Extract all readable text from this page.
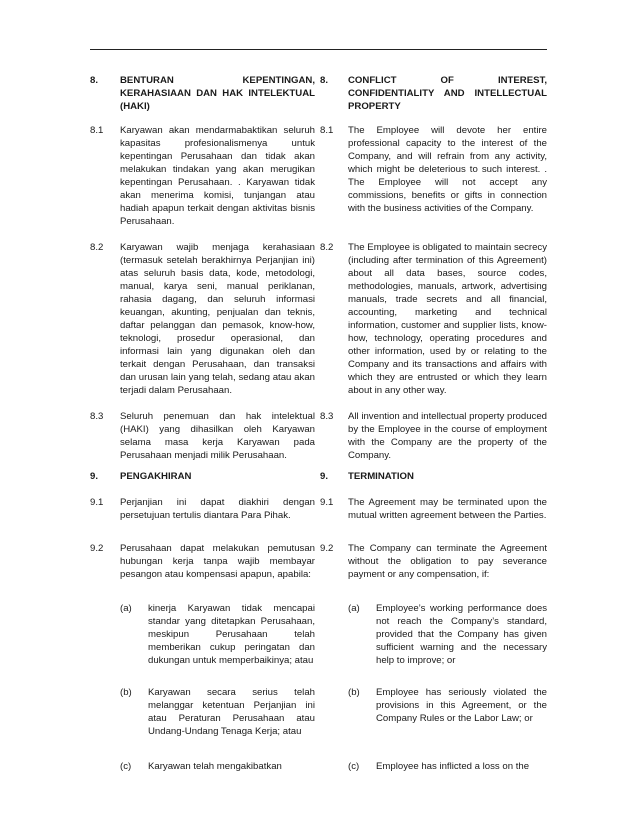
8. BENTURAN KEPENTINGAN, KERAHASIAAN DAN HAK INTELEKTUAL (HAKI)
8.1 Karyawan akan mendarmabaktikan seluruh kapasitas profesionalismenya untuk kepentingan Perusahaan dan tidak akan melakukan tindakan yang akan merugikan kepentingan Perusahaan. . Karyawan tidak akan menerima komisi, tunjangan atau hadiah apapun terkait dengan aktivitas bisnis Perusahaan.
8.2 Karyawan wajib menjaga kerahasiaan (termasuk setelah berakhirnya Perjanjian ini) atas seluruh basis data, kode, metodologi, manual, karya seni, manual periklanan, rahasia dagang, dan seluruh informasi keuangan, akunting, penjualan dan teknis, daftar pelanggan dan pemasok, know-how, teknologi, prosedur operasional, dan informasi lain yang digunakan oleh dan terkait dengan Perusahaan, dan transaksi dan urusan lain yang telah, sedang atau akan terjadi dalam Perusahaan.
8.3 Seluruh penemuan dan hak intelektual (HAKI) yang dihasilkan oleh Karyawan selama masa kerja Karyawan pada Perusahaan menjadi milik Perusahaan.
9. PENGAKHIRAN
9.1 Perjanjian ini dapat diakhiri dengan persetujuan tertulis diantara Para Pihak.
9.2 Perusahaan dapat melakukan pemutusan hubungan kerja tanpa wajib membayar pesangon atau kompensasi apapun, apabila:
(a) kinerja Karyawan tidak mencapai standar yang ditetapkan Perusahaan, meskipun Perusahaan telah memberikan cukup peringatan dan dukungan untuk memperbaikinya; atau
(b) Karyawan secara serius telah melanggar ketentuan Perjanjian ini atau Peraturan Perusahaan atau Undang-Undang Tenaga Kerja; atau
(c) Karyawan telah mengakibatkan
8. CONFLICT OF INTEREST, CONFIDENTIALITY AND INTELLECTUAL PROPERTY
8.1 The Employee will devote her entire professional capacity to the interest of the Company, and will refrain from any activity, which might be deleterious to such interest. . The Employee will not accept any commissions, benefits or gifts in connection with the business activities of the Company.
8.2 The Employee is obligated to maintain secrecy (including after termination of this Agreement) about all data bases, source codes, methodologies, manuals, artwork, advertising manuals, trade secrets and all financial, accounting, marketing and technical information, customer and supplier lists, know-how, technology, operating procedures and other information, used by or relating to the Company and its transactions and affairs with which they are entrusted or which they learn about in any other way.
8.3 All invention and intellectual property produced by the Employee in the course of employment with the Company are the property of the Company.
9. TERMINATION
9.1 The Agreement may be terminated upon the mutual written agreement between the Parties.
9.2 The Company can terminate the Agreement without the obligation to pay severance payment or any compensation, if:
(a) Employee’s working performance does not reach the Company’s standard, provided that the Company has given sufficient warning and the necessary help to improve; or
(b) Employee has seriously violated the provisions in this Agreement, or the Company Rules or the Labor Law; or
(c) Employee has inflicted a loss on the
